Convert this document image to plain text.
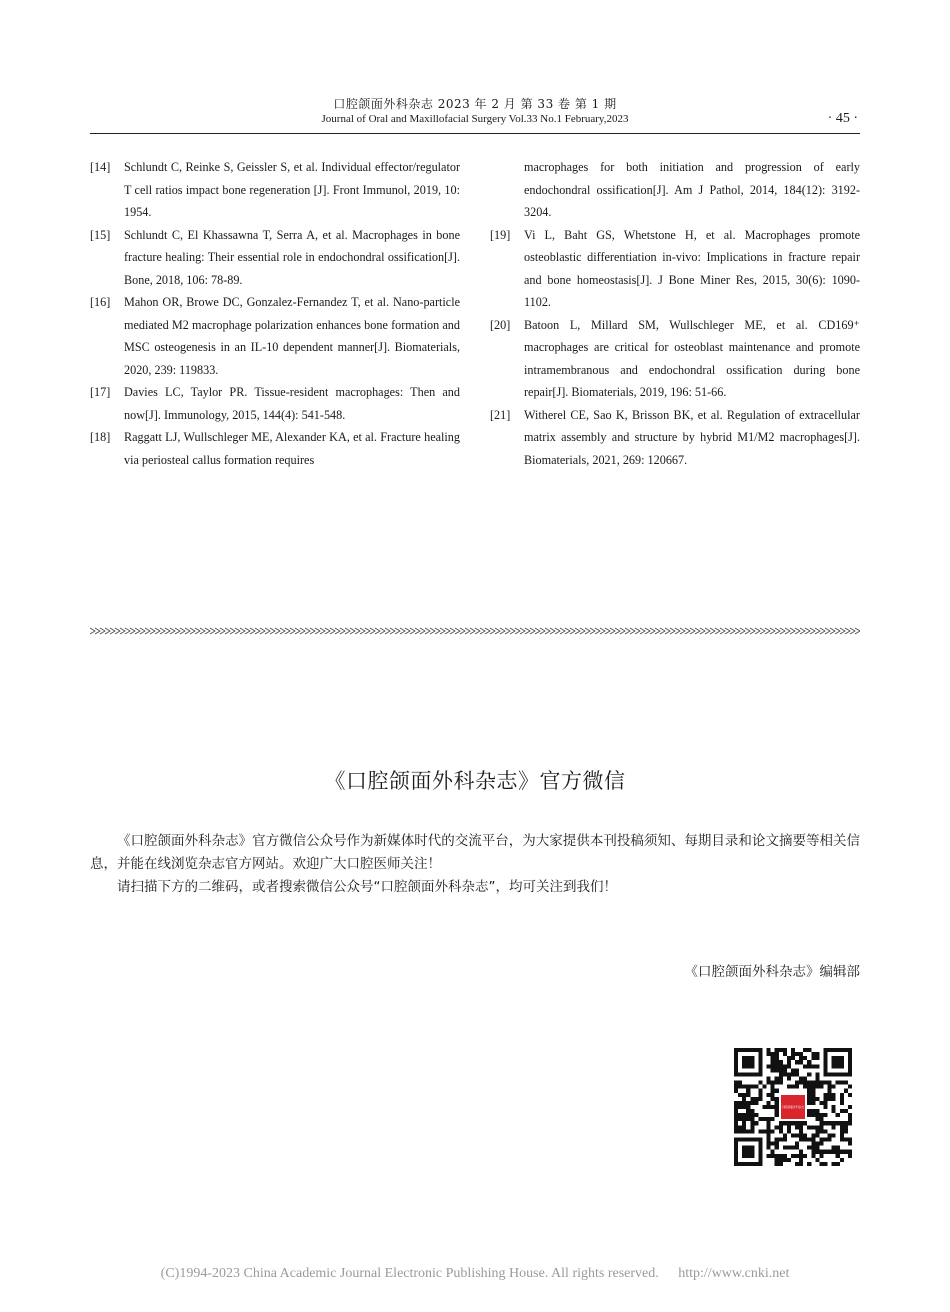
口腔颌面外科杂志 2023 年 2 月 第 33 卷 第 1 期
Journal of Oral and Maxillofacial Surgery Vol.33 No.1 February,2023	· 45 ·
[14]	Schlundt C, Reinke S, Geissler S, et al. Individual effector/regulator T cell ratios impact bone regeneration [J]. Front Immunol, 2019, 10: 1954.
[15]	Schlundt C, El Khassawna T, Serra A, et al. Macrophages in bone fracture healing: Their essential role in endochondral ossification[J]. Bone, 2018, 106: 78-89.
[16]	Mahon OR, Browe DC, Gonzalez-Fernandez T, et al. Nano-particle mediated M2 macrophage polarization enhances bone formation and MSC osteogenesis in an IL-10 dependent manner[J]. Biomaterials, 2020, 239: 119833.
[17]	Davies LC, Taylor PR. Tissue-resident macrophages: Then and now[J]. Immunology, 2015, 144(4): 541-548.
[18]	Raggatt LJ, Wullschleger ME, Alexander KA, et al. Fracture healing via periosteal callus formation requires
macrophages for both initiation and progression of early endochondral ossification[J]. Am J Pathol, 2014, 184(12): 3192-3204.
[19]	Vi L, Baht GS, Whetstone H, et al. Macrophages promote osteoblastic differentiation in-vivo: Implications in fracture repair and bone homeostasis[J]. J Bone Miner Res, 2015, 30(6): 1090-1102.
[20]	Batoon L, Millard SM, Wullschleger ME, et al. CD169⁺ macrophages are critical for osteoblast maintenance and promote intramembranous and endochondral ossification during bone repair[J]. Biomaterials, 2019, 196: 51-66.
[21]	Witherel CE, Sao K, Brisson BK, et al. Regulation of extracellular matrix assembly and structure by hybrid M1/M2 macrophages[J]. Biomaterials, 2021, 269: 120667.
《口腔颌面外科杂志》官方微信

《口腔颌面外科杂志》官方微信公众号作为新媒体时代的交流平台，为大家提供本刊投稿须知、每期目录和论文摘要等相关信息，并能在线浏览杂志官方网站。欢迎广大口腔医师关注！

请扫描下方的二维码，或者搜索微信公众号“口腔颌面外科杂志”，均可关注到我们！

《口腔颌面外科杂志》编辑部
(C)1994-2023 China Academic Journal Electronic Publishing House. All rights reserved. http://www.cnki.net
